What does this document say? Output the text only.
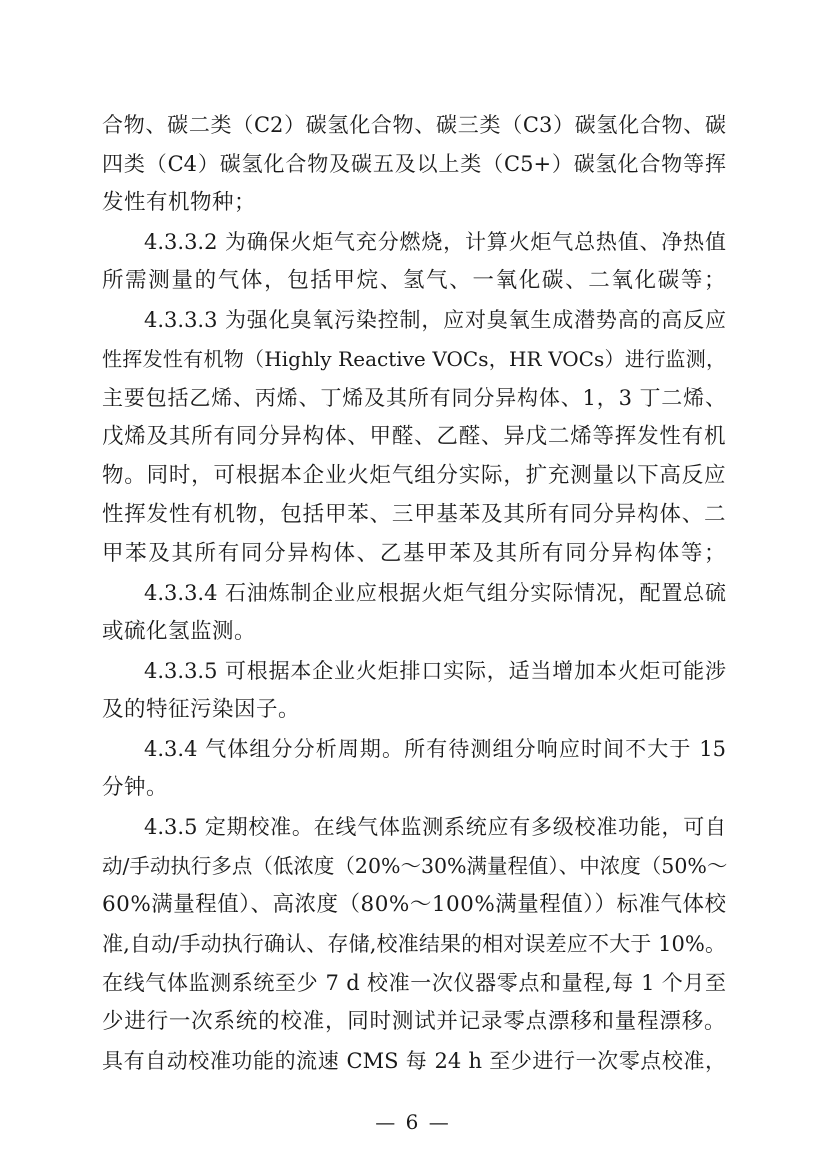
合物、碳二类（C2）碳氢化合物、碳三类（C3）碳氢化合物、碳
四类（C4）碳氢化合物及碳五及以上类（C5+）碳氢化合物等挥
发性有机物种；
4.3.3.2 为确保火炬气充分燃烧，计算火炬气总热值、净热值
所需测量的气体，包括甲烷、氢气、一氧化碳、二氧化碳等；
4.3.3.3 为强化臭氧污染控制，应对臭氧生成潜势高的高反应
性挥发性有机物（Highly Reactive VOCs，HR VOCs）进行监测，
主要包括乙烯、丙烯、丁烯及其所有同分异构体、1，3 丁二烯、
戊烯及其所有同分异构体、甲醛、乙醛、异戊二烯等挥发性有机
物。同时，可根据本企业火炬气组分实际，扩充测量以下高反应
性挥发性有机物，包括甲苯、三甲基苯及其所有同分异构体、二
甲苯及其所有同分异构体、乙基甲苯及其所有同分异构体等；
4.3.3.4 石油炼制企业应根据火炬气组分实际情况，配置总硫
或硫化氢监测。
4.3.3.5 可根据本企业火炬排口实际，适当增加本火炬可能涉
及的特征污染因子。
4.3.4 气体组分分析周期。所有待测组分响应时间不大于 15
分钟。
4.3.5 定期校准。在线气体监测系统应有多级校准功能，可自
动/手动执行多点（低浓度（20%～30%满量程值）、中浓度（50%～
60%满量程值）、高浓度（80%～100%满量程值））标准气体校
准,自动/手动执行确认、存储,校准结果的相对误差应不大于 10%。
在线气体监测系统至少 7 d 校准一次仪器零点和量程,每 1 个月至
少进行一次系统的校准，同时测试并记录零点漂移和量程漂移。
具有自动校准功能的流速 CMS 每 24 h 至少进行一次零点校准，
— 6 —
